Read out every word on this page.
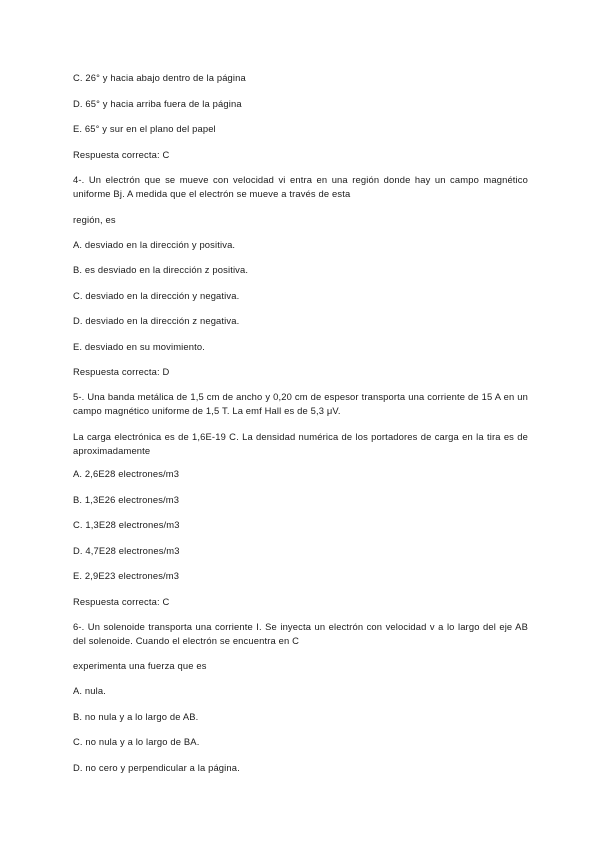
C. 26° y hacia abajo dentro de la página
D. 65° y hacia arriba fuera de la página
E. 65° y sur en el plano del papel
Respuesta correcta: C
4-. Un electrón que se mueve con velocidad vi entra en una región donde hay un campo magnético uniforme Bj. A medida que el electrón se mueve a través de esta
región, es
A. desviado en la dirección y positiva.
B. es desviado en la dirección z positiva.
C. desviado en la dirección y negativa.
D. desviado en la dirección z negativa.
E. desviado en su movimiento.
Respuesta correcta: D
5-. Una banda metálica de 1,5 cm de ancho y 0,20 cm de espesor transporta una corriente de 15 A en un campo magnético uniforme de 1,5 T. La emf Hall es de 5,3 μV.
La carga electrónica es de 1,6E-19 C. La densidad numérica de los portadores de carga en la tira es de aproximadamente
A. 2,6E28 electrones/m3
B. 1,3E26 electrones/m3
C. 1,3E28 electrones/m3
D. 4,7E28 electrones/m3
E. 2,9E23 electrones/m3
Respuesta correcta: C
6-. Un solenoide transporta una corriente I. Se inyecta un electrón con velocidad v a lo largo del eje AB del solenoide. Cuando el electrón se encuentra en C
experimenta una fuerza que es
A. nula.
B. no nula y a lo largo de AB.
C. no nula y a lo largo de BA.
D. no cero y perpendicular a la página.
